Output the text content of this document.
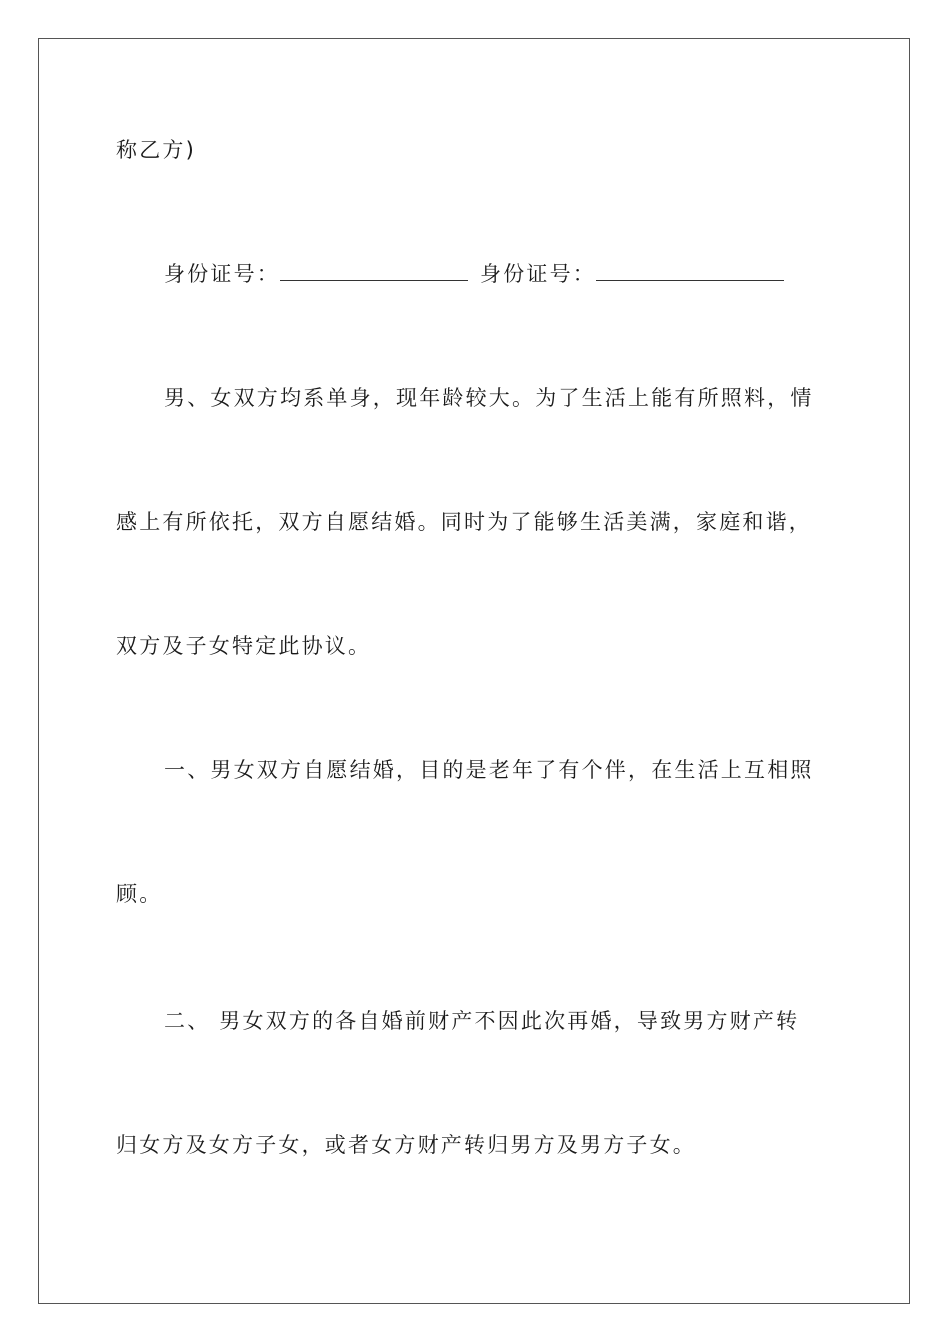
称乙方)
身份证号：	身份证号：
男、女双方均系单身，现年龄较大。为了生活上能有所照料，情
感上有所依托，双方自愿结婚。同时为了能够生活美满，家庭和谐，
双方及子女特定此协议。
一、男女双方自愿结婚，目的是老年了有个伴，在生活上互相照
顾。
二、 男女双方的各自婚前财产不因此次再婚，导致男方财产转
归女方及女方子女，或者女方财产转归男方及男方子女。
